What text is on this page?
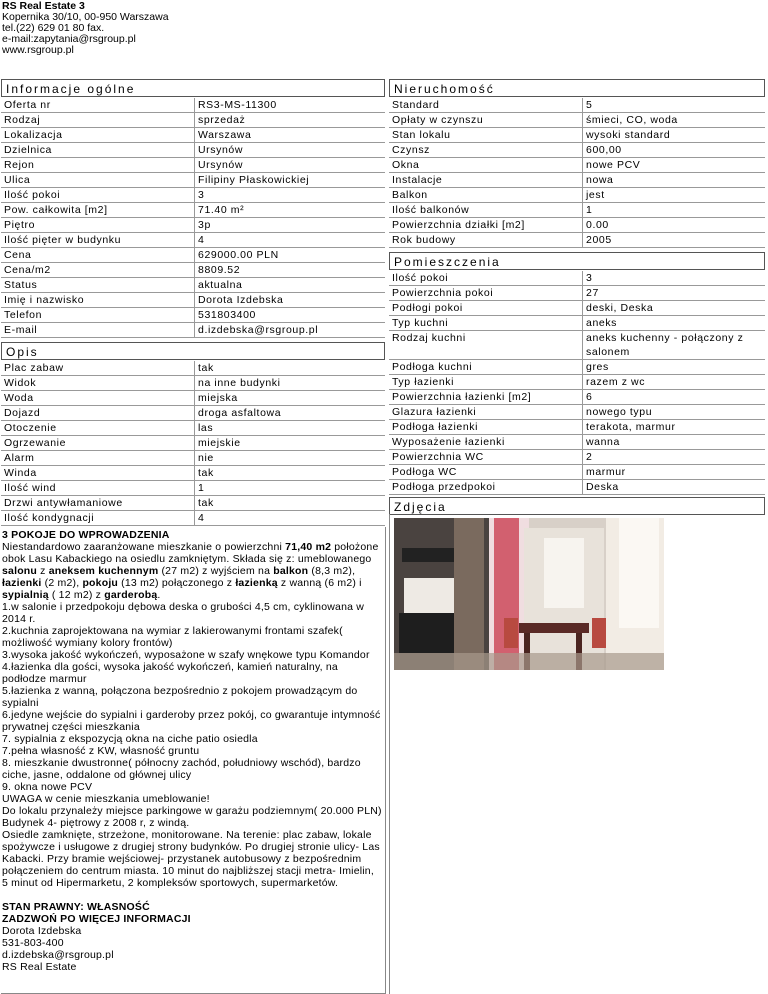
RS Real Estate 3
Kopernika 30/10, 00-950 Warszawa
tel.(22) 629 01 80 fax.
e-mail:zapytania@rsgroup.pl
www.rsgroup.pl
Informacje ogólne
Oferta nr	RS3-MS-11300
Rodzaj	sprzedaż
Lokalizacja	Warszawa
Dzielnica	Ursynów
Rejon	Ursynów
Ulica	Filipiny Płaskowickiej
Ilość pokoi	3
Pow. całkowita [m2]	71.40 m²
Piętro	3p
Ilość pięter w budynku	4
Cena	629000.00 PLN
Cena/m2	8809.52
Status	aktualna
Imię i nazwisko	Dorota Izdebska
Telefon	531803400
E-mail	d.izdebska@rsgroup.pl
Opis
Plac zabaw	tak
Widok	na inne budynki
Woda	miejska
Dojazd	droga asfaltowa
Otoczenie	las
Ogrzewanie	miejskie
Alarm	nie
Winda	tak
Ilość wind	1
Drzwi antywłamaniowe	tak
Ilość kondygnacji	4
Nieruchomość
Standard	5
Opłaty w czynszu	śmieci, CO, woda
Stan lokalu	wysoki standard
Czynsz	600,00
Okna	nowe PCV
Instalacje	nowa
Balkon	jest
Ilość balkonów	1
Powierzchnia działki [m2]	0.00
Rok budowy	2005
Pomieszczenia
Ilość pokoi	3
Powierzchnia pokoi	27
Podłogi pokoi	deski, Deska
Typ kuchni	aneks
Rodzaj kuchni	aneks kuchenny - połączony z salonem
Podłoga kuchni	gres
Typ łazienki	razem z wc
Powierzchnia łazienki [m2]	6
Glazura łazienki	nowego typu
Podłoga łazienki	terakota, marmur
Wyposażenie łazienki	wanna
Powierzchnia WC	2
Podłoga WC	marmur
Podłoga przedpokoi	Deska
Zdjęcia

3 POKOJE DO WPROWADZENIA

Niestandardowo zaaranżowane mieszkanie o powierzchni 71,40 m2 położone obok Lasu Kabackiego na osiedlu zamkniętym. Składa się z: umeblowanego salonu z aneksem kuchennym (27 m2) z wyjściem na balkon (8,3 m2), łazienki (2 m2), pokoju (13 m2) połączonego z łazienką z wanną (6 m2) i sypialnią ( 12 m2) z garderobą.

1.w salonie i przedpokoju dębowa deska o grubości 4,5 cm, cyklinowana w 2014 r.

2.kuchnia zaprojektowana na wymiar z lakierowanymi frontami szafek( możliwość wymiany kolory frontów)

3.wysoka jakość wykończeń, wyposażone w szafy wnękowe typu Komandor

4.łazienka dla gości, wysoka jakość wykończeń, kamień naturalny, na podłodze marmur

5.łazienka z wanną, połączona bezpośrednio z pokojem prowadzącym do sypialni

6.jedyne wejście do sypialni i garderoby przez pokój, co gwarantuje intymność prywatnej części mieszkania

7. sypialnia z ekspozycją okna na ciche patio osiedla

7.pełna własność z KW, własność gruntu

8. mieszkanie dwustronne( północny zachód, południowy wschód), bardzo ciche, jasne, oddalone od głównej ulicy

9. okna nowe PCV

UWAGA w cenie mieszkania umeblowanie!

Do lokalu przynależy miejsce parkingowe w garażu podziemnym( 20.000 PLN)

Budynek 4- piętrowy z 2008 r, z windą.

Osiedle zamknięte, strzeżone, monitorowane. Na terenie: plac zabaw, lokale spożywcze i usługowe z drugiej strony budynków. Po drugiej stronie ulicy- Las Kabacki. Przy bramie wejściowej- przystanek autobusowy z bezpośrednim połączeniem do centrum miasta. 10 minut do najbliższej stacji metra- Imielin, 5 minut od Hipermarketu, 2 kompleksów sportowych, supermarketów.

STAN PRAWNY: WŁASNOŚĆ

ZADZWOŃ PO WIĘCEJ INFORMACJI

Dorota Izdebska

531-803-400

d.izdebska@rsgroup.pl

RS Real Estate
